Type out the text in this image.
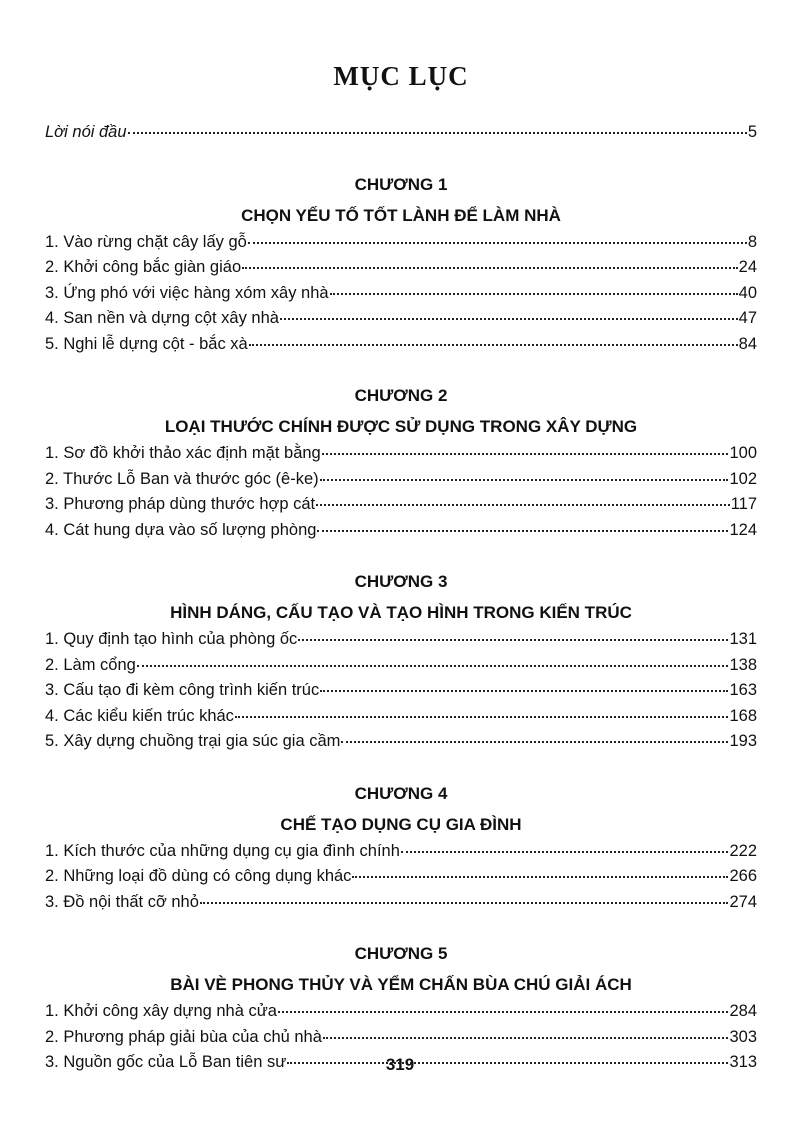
MỤC LỤC
Lời nói đầu	5
CHƯƠNG 1
CHỌN YẾU TỐ TỐT LÀNH ĐỂ LÀM NHÀ
1. Vào rừng chặt cây lấy gỗ	8
2. Khởi công bắc giàn giáo	24
3. Ứng phó với việc hàng xóm xây nhà	40
4. San nền và dựng cột xây nhà	47
5. Nghi lễ dựng cột - bắc xà	84
CHƯƠNG 2
LOẠI THƯỚC CHÍNH ĐƯỢC SỬ DỤNG TRONG XÂY DỰNG
1. Sơ đồ khởi thảo xác định mặt bằng	100
2. Thước Lỗ Ban và thước góc (ê-ke)	102
3. Phương pháp dùng thước hợp cát	117
4. Cát hung dựa vào số lượng phòng	124
CHƯƠNG 3
HÌNH DÁNG, CẤU TẠO VÀ TẠO HÌNH TRONG KIẾN TRÚC
1. Quy định tạo hình của phòng ốc	131
2. Làm cổng	138
3. Cấu tạo đi kèm công trình kiến trúc	163
4. Các kiểu kiến trúc khác	168
5. Xây dựng chuồng trại gia súc gia cầm	193
CHƯƠNG 4
CHẾ TẠO DỤNG CỤ GIA ĐÌNH
1. Kích thước của những dụng cụ gia đình chính	222
2. Những loại đồ dùng có công dụng khác	266
3. Đồ nội thất cỡ nhỏ	274
CHƯƠNG 5
BÀI VÈ PHONG THỦY VÀ YỂM CHẤN BÙA CHÚ GIẢI ÁCH
1. Khởi công xây dựng nhà cửa	284
2. Phương pháp giải bùa của chủ nhà	303
3. Nguồn gốc của Lỗ Ban tiên sư	313
319
